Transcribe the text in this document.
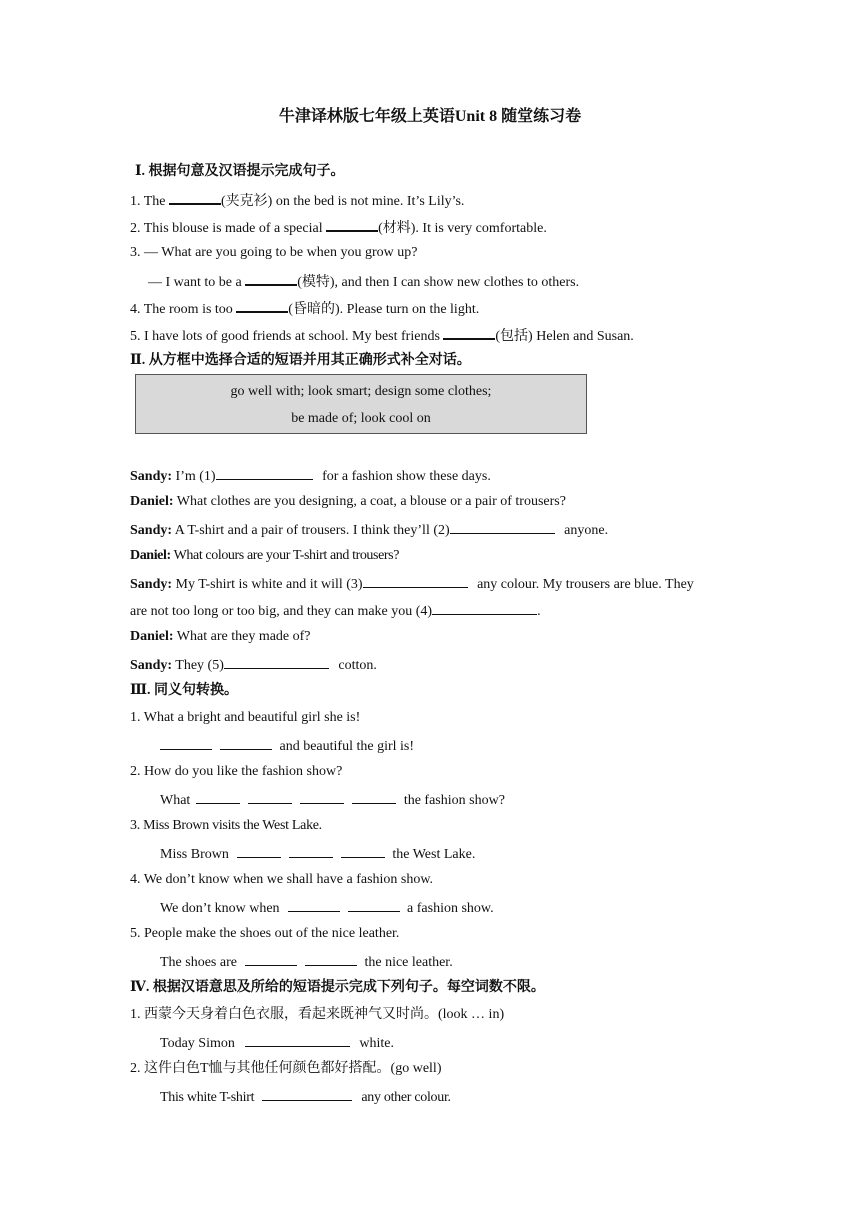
牛津译林版七年级上英语Unit 8 随堂练习卷
Ⅰ. 根据句意及汉语提示完成句子。
1. The	(夹克衫) on the bed is not mine. It’s Lily’s.
2. This blouse is made of a special	(材料). It is very comfortable.
3. — What are you going to be when you grow up?
— I want to be a	(模特), and then I can show new clothes to others.
4. The room is too	(昏暗的). Please turn on the light.
5. I have lots of good friends at school. My best friends	(包括) Helen and Susan.
Ⅱ. 从方框中选择合适的短语并用其正确形式补全对话。
go well with; look smart; design some clothes;
be made of; look cool on
Sandy: I’m (1)	for a fashion show these days.
Daniel: What clothes are you designing, a coat, a blouse or a pair of trousers?
Sandy: A T-shirt and a pair of trousers. I think they’ll (2)	anyone.
Daniel: What colours are your T-shirt and trousers?
Sandy: My T-shirt is white and it will (3)	any colour. My trousers are blue. They
are not too long or too big, and they can make you (4)	.
Daniel: What are they made of?
Sandy: They (5)	cotton.
Ⅲ. 同义句转换。
1. What a bright and beautiful girl she is!
and beautiful the girl is!
2. How do you like the fashion show?
What	the fashion show?
3. Miss Brown visits the West Lake.
Miss Brown	the West Lake.
4. We don’t know when we shall have a fashion show.
We don’t know when	a fashion show.
5. People make the shoes out of the nice leather.
The shoes are	the nice leather.
Ⅳ. 根据汉语意思及所给的短语提示完成下列句子。每空词数不限。
1. 西蒙今天身着白色衣服，看起来既神气又时尚。(look … in)
Today Simon	white.
2. 这件白色T恤与其他任何颜色都好搭配。(go well)
This white T-shirt	any other colour.
